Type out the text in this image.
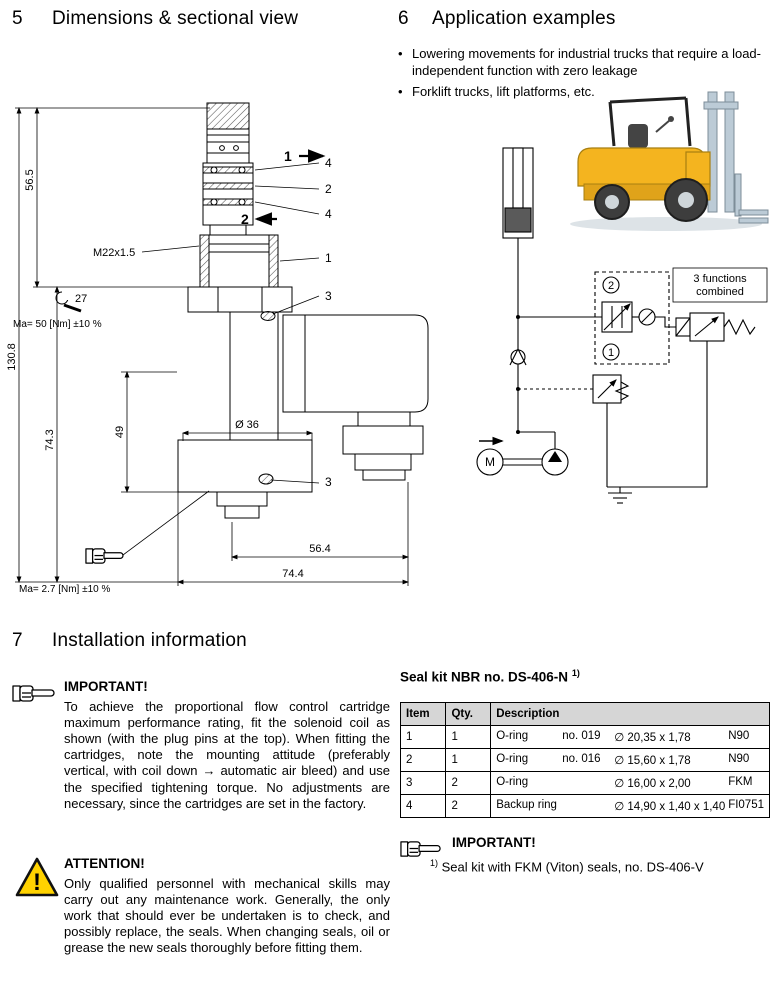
5	Dimensions & sectional view	6	Application examples
• Lowering movements for industrial trucks that require a load-independent function with zero leakage
• Forklift trucks, lift platforms, etc.
2
1
3 functions
combined
M
130.8
56.5
74.3	49
M22x1.5
27
Ma= 50 [Nm] ±10 %
Ø 36
56.4
74.4
Ma= 2.7 [Nm] ±10 %
4
2
4
1
3
3
1
2
7	Installation information
IMPORTANT!
To achieve the proportional flow control cartridge maximum performance rating, fit the solenoid coil as shown (with the plug pins at the top). When fitting the cartridges, note the mounting attitude (preferably vertical, with coil down → automatic air bleed) and use the specified tightening torque. No adjustments are necessary, since the cartridges are set in the factory.
!
ATTENTION!
Only qualified personnel with mechanical skills may carry out any maintenance work. Generally, the only work that should ever be undertaken is to check, and possibly replace, the seals. When changing seals, oil or grease the new seals thoroughly before fitting them.
Seal kit NBR no. DS-406-N $^{1)}$
Item	Qty.	Description
1	1	O-ring no. 019 ∅ 20,35 x 1,78 N90

2	1	O-ring no. 016 ∅ 15,60 x 1,78 N90

3	2	O-ring ∅ 16,00 x 2,00 FKM

4	2	Backup ring ∅ 14,90 x 1,40 x 1,40 FI0751
IMPORTANT!
$^{1)}$ Seal kit with FKM (Viton) seals, no. DS-406-V
